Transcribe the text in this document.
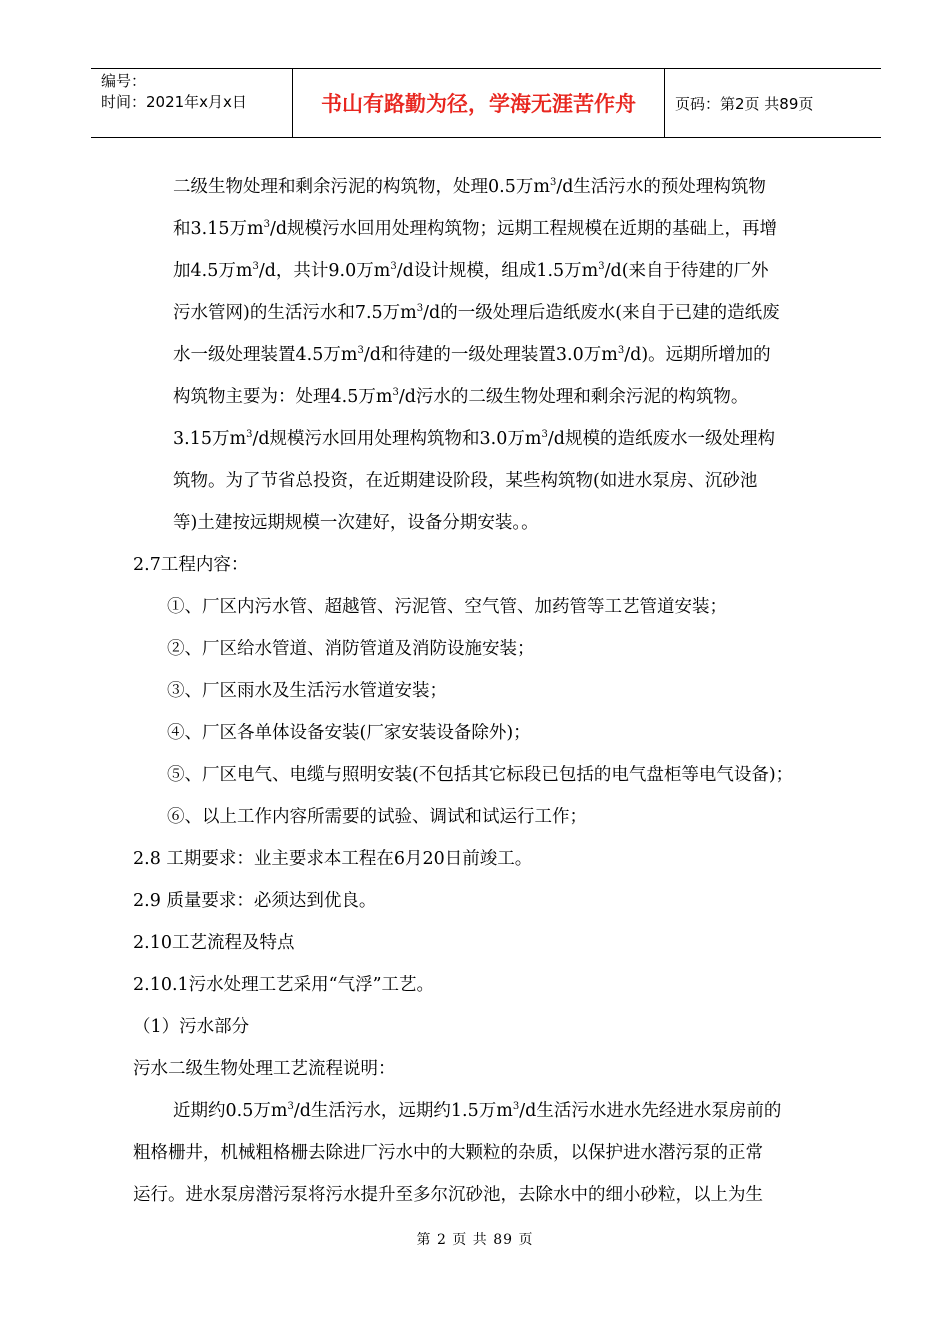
编号：
时间：2021年x月x日	书山有路勤为径，学海无涯苦作舟	页码：第2页 共89页
二级生物处理和剩余污泥的构筑物，处理0.5万$m^3/d$生活污水的预处理构筑物
和3.15万$m^3/d$规模污水回用处理构筑物；远期工程规模在近期的基础上，再增
加4.5万$m^3/d$，共计9.0万$m^3/d$设计规模，组成1.5万$m^3/d$(来自于待建的厂外
污水管网)的生活污水和7.5万$m^3/d$的一级处理后造纸废水(来自于已建的造纸废
水一级处理装置4.5万$m^3/d$和待建的一级处理装置3.0万$m^3/d$)。远期所增加的
构筑物主要为：处理4.5万$m^3/d$污水的二级生物处理和剩余污泥的构筑物。
3.15万$m^3/d$规模污水回用处理构筑物和3.0万$m^3/d$规模的造纸废水一级处理构
筑物。为了节省总投资，在近期建设阶段，某些构筑物(如进水泵房、沉砂池
等)土建按远期规模一次建好，设备分期安装。。
2.7工程内容：
①、厂区内污水管、超越管、污泥管、空气管、加药管等工艺管道安装；
②、厂区给水管道、消防管道及消防设施安装；
③、厂区雨水及生活污水管道安装；
④、厂区各单体设备安装(厂家安装设备除外)；
⑤、厂区电气、电缆与照明安装(不包括其它标段已包括的电气盘柜等电气设备)；
⑥、以上工作内容所需要的试验、调试和试运行工作；
2.8 工期要求：业主要求本工程在6月20日前竣工。
2.9 质量要求：必须达到优良。
2.10工艺流程及特点
2.10.1污水处理工艺采用“气浮”工艺。
（1）污水部分
污水二级生物处理工艺流程说明：
近期约0.5万$m^3/d$生活污水，远期约1.5万$m^3/d$生活污水进水先经进水泵房前的
粗格栅井，机械粗格栅去除进厂污水中的大颗粒的杂质，以保护进水潜污泵的正常
运行。进水泵房潜污泵将污水提升至多尔沉砂池，去除水中的细小砂粒，以上为生
第 2 页 共 89 页
